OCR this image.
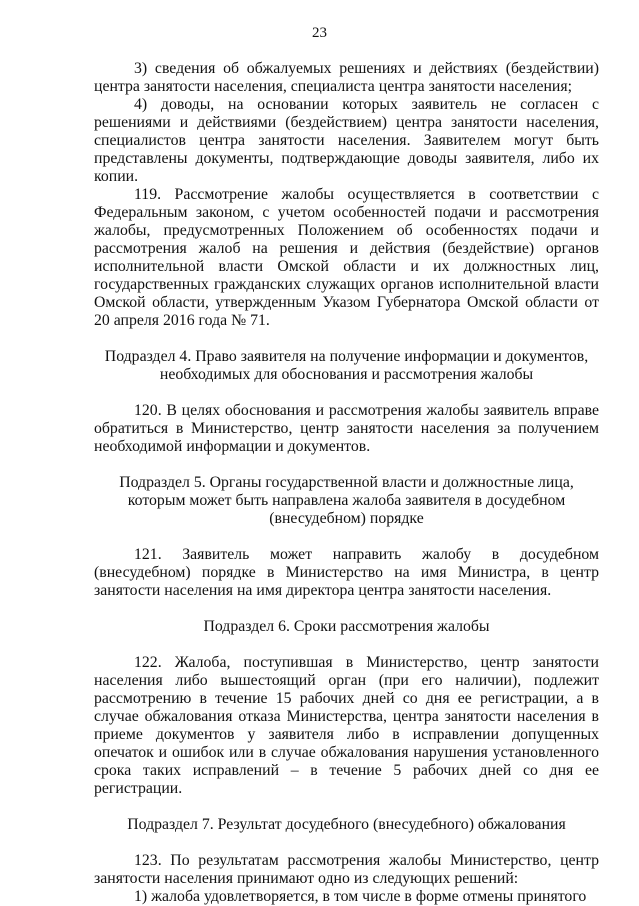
23

3) сведения об обжалуемых решениях и действиях (бездействии) центра занятости населения, специалиста центра занятости населения;

4) доводы, на основании которых заявитель не согласен с решениями и действиями (бездействием) центра занятости населения, специалистов центра занятости населения. Заявителем могут быть представлены документы, подтверждающие доводы заявителя, либо их копии.

119. Рассмотрение жалобы осуществляется в соответствии с Федеральным законом, с учетом особенностей подачи и рассмотрения жалобы, предусмотренных Положением об особенностях подачи и рассмотрения жалоб на решения и действия (бездействие) органов исполнительной власти Омской области и их должностных лиц, государственных гражданских служащих органов исполнительной власти Омской области, утвержденным Указом Губернатора Омской области от 20 апреля 2016 года № 71.

Подраздел 4. Право заявителя на получение информации и документов, необходимых для обоснования и рассмотрения жалобы

120. В целях обоснования и рассмотрения жалобы заявитель вправе обратиться в Министерство, центр занятости населения за получением необходимой информации и документов.

Подраздел 5. Органы государственной власти и должностные лица, которым может быть направлена жалоба заявителя в досудебном (внесудебном) порядке

121. Заявитель может направить жалобу в досудебном (внесудебном) порядке в Министерство на имя Министра, в центр занятости населения на имя директора центра занятости населения.

Подраздел 6. Сроки рассмотрения жалобы

122. Жалоба, поступившая в Министерство, центр занятости населения либо вышестоящий орган (при его наличии), подлежит рассмотрению в течение 15 рабочих дней со дня ее регистрации, а в случае обжалования отказа Министерства, центра занятости населения в приеме документов у заявителя либо в исправлении допущенных опечаток и ошибок или в случае обжалования нарушения установленного срока таких исправлений – в течение 5 рабочих дней со дня ее регистрации.

Подраздел 7. Результат досудебного (внесудебного) обжалования

123. По результатам рассмотрения жалобы Министерство, центр занятости населения принимают одно из следующих решений:

1) жалоба удовлетворяется, в том числе в форме отмены принятого
